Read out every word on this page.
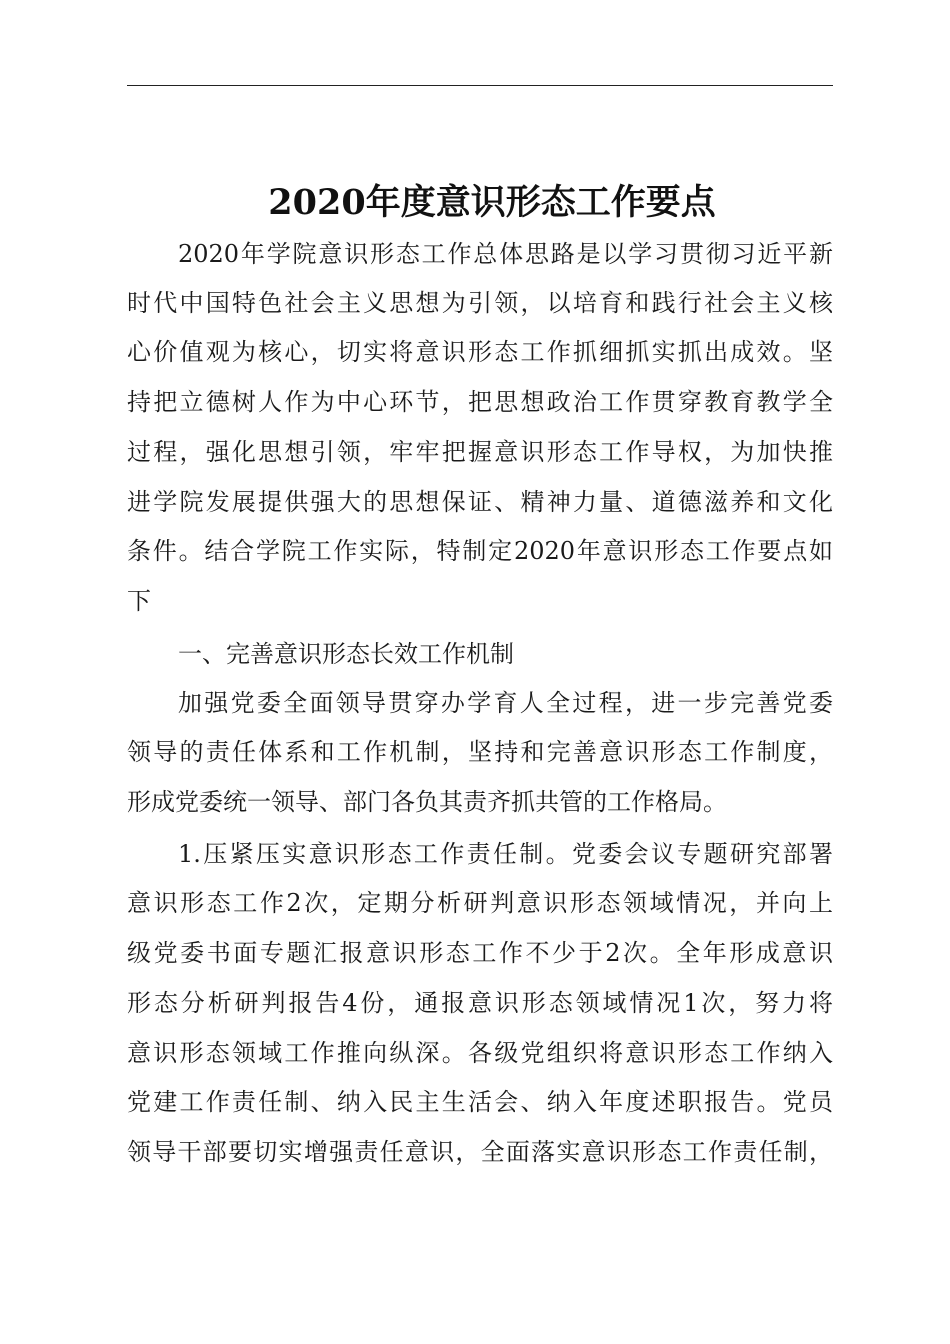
2020年度意识形态工作要点
2020年学院意识形态工作总体思路是以学习贯彻习近平新
时代中国特色社会主义思想为引领，以培育和践行社会主义核
心价值观为核心，切实将意识形态工作抓细抓实抓出成效。坚
持把立德树人作为中心环节，把思想政治工作贯穿教育教学全
过程，强化思想引领，牢牢把握意识形态工作导权，为加快推
进学院发展提供强大的思想保证、精神力量、道德滋养和文化
条件。结合学院工作实际，特制定2020年意识形态工作要点如
下
一、完善意识形态长效工作机制
加强党委全面领导贯穿办学育人全过程，进一步完善党委
领导的责任体系和工作机制，坚持和完善意识形态工作制度，
形成党委统一领导、部门各负其责齐抓共管的工作格局。
1.压紧压实意识形态工作责任制。党委会议专题研究部署
意识形态工作2次，定期分析研判意识形态领域情况，并向上
级党委书面专题汇报意识形态工作不少于2次。全年形成意识
形态分析研判报告4份，通报意识形态领域情况1次，努力将
意识形态领域工作推向纵深。各级党组织将意识形态工作纳入
党建工作责任制、纳入民主生活会、纳入年度述职报告。党员
领导干部要切实增强责任意识，全面落实意识形态工作责任制，
